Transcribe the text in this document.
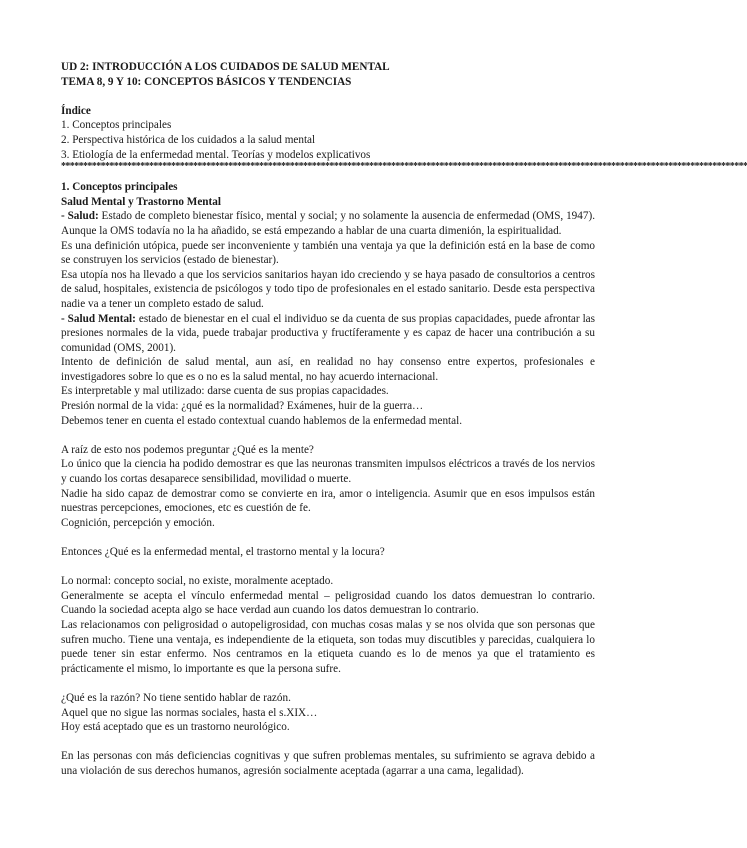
UD 2: INTRODUCCIÓN A LOS CUIDADOS DE SALUD MENTAL

TEMA 8, 9 Y 10: CONCEPTOS BÁSICOS Y TENDENCIAS

Índice

1. Conceptos principales
2. Perspectiva histórica de los cuidados a la salud mental
3. Etiología de la enfermedad mental. Teorías y modelos explicativos
************************************************************************************************************************************************************

1. Conceptos principales

Salud Mental y Trastorno Mental

- Salud: Estado de completo bienestar físico, mental y social; y no solamente la ausencia de enfermedad (OMS, 1947). Aunque la OMS todavía no la ha añadido, se está empezando a hablar de una cuarta dimenión, la espiritualidad.

Es una definición utópica, puede ser inconveniente y también una ventaja ya que la definición está en la base de como se construyen los servicios (estado de bienestar).

Esa utopía nos ha llevado a que los servicios sanitarios hayan ido creciendo y se haya pasado de consultorios a centros de salud, hospitales, existencia de psicólogos y todo tipo de profesionales en el estado sanitario. Desde esta perspectiva nadie va a tener un completo estado de salud.

- Salud Mental: estado de bienestar en el cual el individuo se da cuenta de sus propias capacidades, puede afrontar las presiones normales de la vida, puede trabajar productiva y fructíferamente y es capaz de hacer una contribución a su comunidad (OMS, 2001).

Intento de definición de salud mental, aun así, en realidad no hay consenso entre expertos, profesionales e investigadores sobre lo que es o no es la salud mental, no hay acuerdo internacional.

Es interpretable y mal utilizado: darse cuenta de sus propias capacidades.

Presión normal de la vida: ¿qué es la normalidad? Exámenes, huir de la guerra…

Debemos tener en cuenta el estado contextual cuando hablemos de la enfermedad mental.

A raíz de esto nos podemos preguntar ¿Qué es la mente?

Lo único que la ciencia ha podido demostrar es que las neuronas transmiten impulsos eléctricos a través de los nervios y cuando los cortas desaparece sensibilidad, movilidad o muerte.

Nadie ha sido capaz de demostrar como se convierte en ira, amor o inteligencia. Asumir que en esos impulsos están nuestras percepciones, emociones, etc es cuestión de fe.

Cognición, percepción y emoción.

Entonces ¿Qué es la enfermedad mental, el trastorno mental y la locura?

Lo normal: concepto social, no existe, moralmente aceptado.

Generalmente se acepta el vínculo enfermedad mental – peligrosidad cuando los datos demuestran lo contrario. Cuando la sociedad acepta algo se hace verdad aun cuando los datos demuestran lo contrario.

Las relacionamos con peligrosidad o autopeligrosidad, con muchas cosas malas y se nos olvida que son personas que sufren mucho. Tiene una ventaja, es independiente de la etiqueta, son todas muy discutibles y parecidas, cualquiera lo puede tener sin estar enfermo. Nos centramos en la etiqueta cuando es lo de menos ya que el tratamiento es prácticamente el mismo, lo importante es que la persona sufre.

¿Qué es la razón? No tiene sentido hablar de razón.

Aquel que no sigue las normas sociales, hasta el s.XIX…

Hoy está aceptado que es un trastorno neurológico.

En las personas con más deficiencias cognitivas y que sufren problemas mentales, su sufrimiento se agrava debido a una violación de sus derechos humanos, agresión socialmente aceptada (agarrar a una cama, legalidad).
